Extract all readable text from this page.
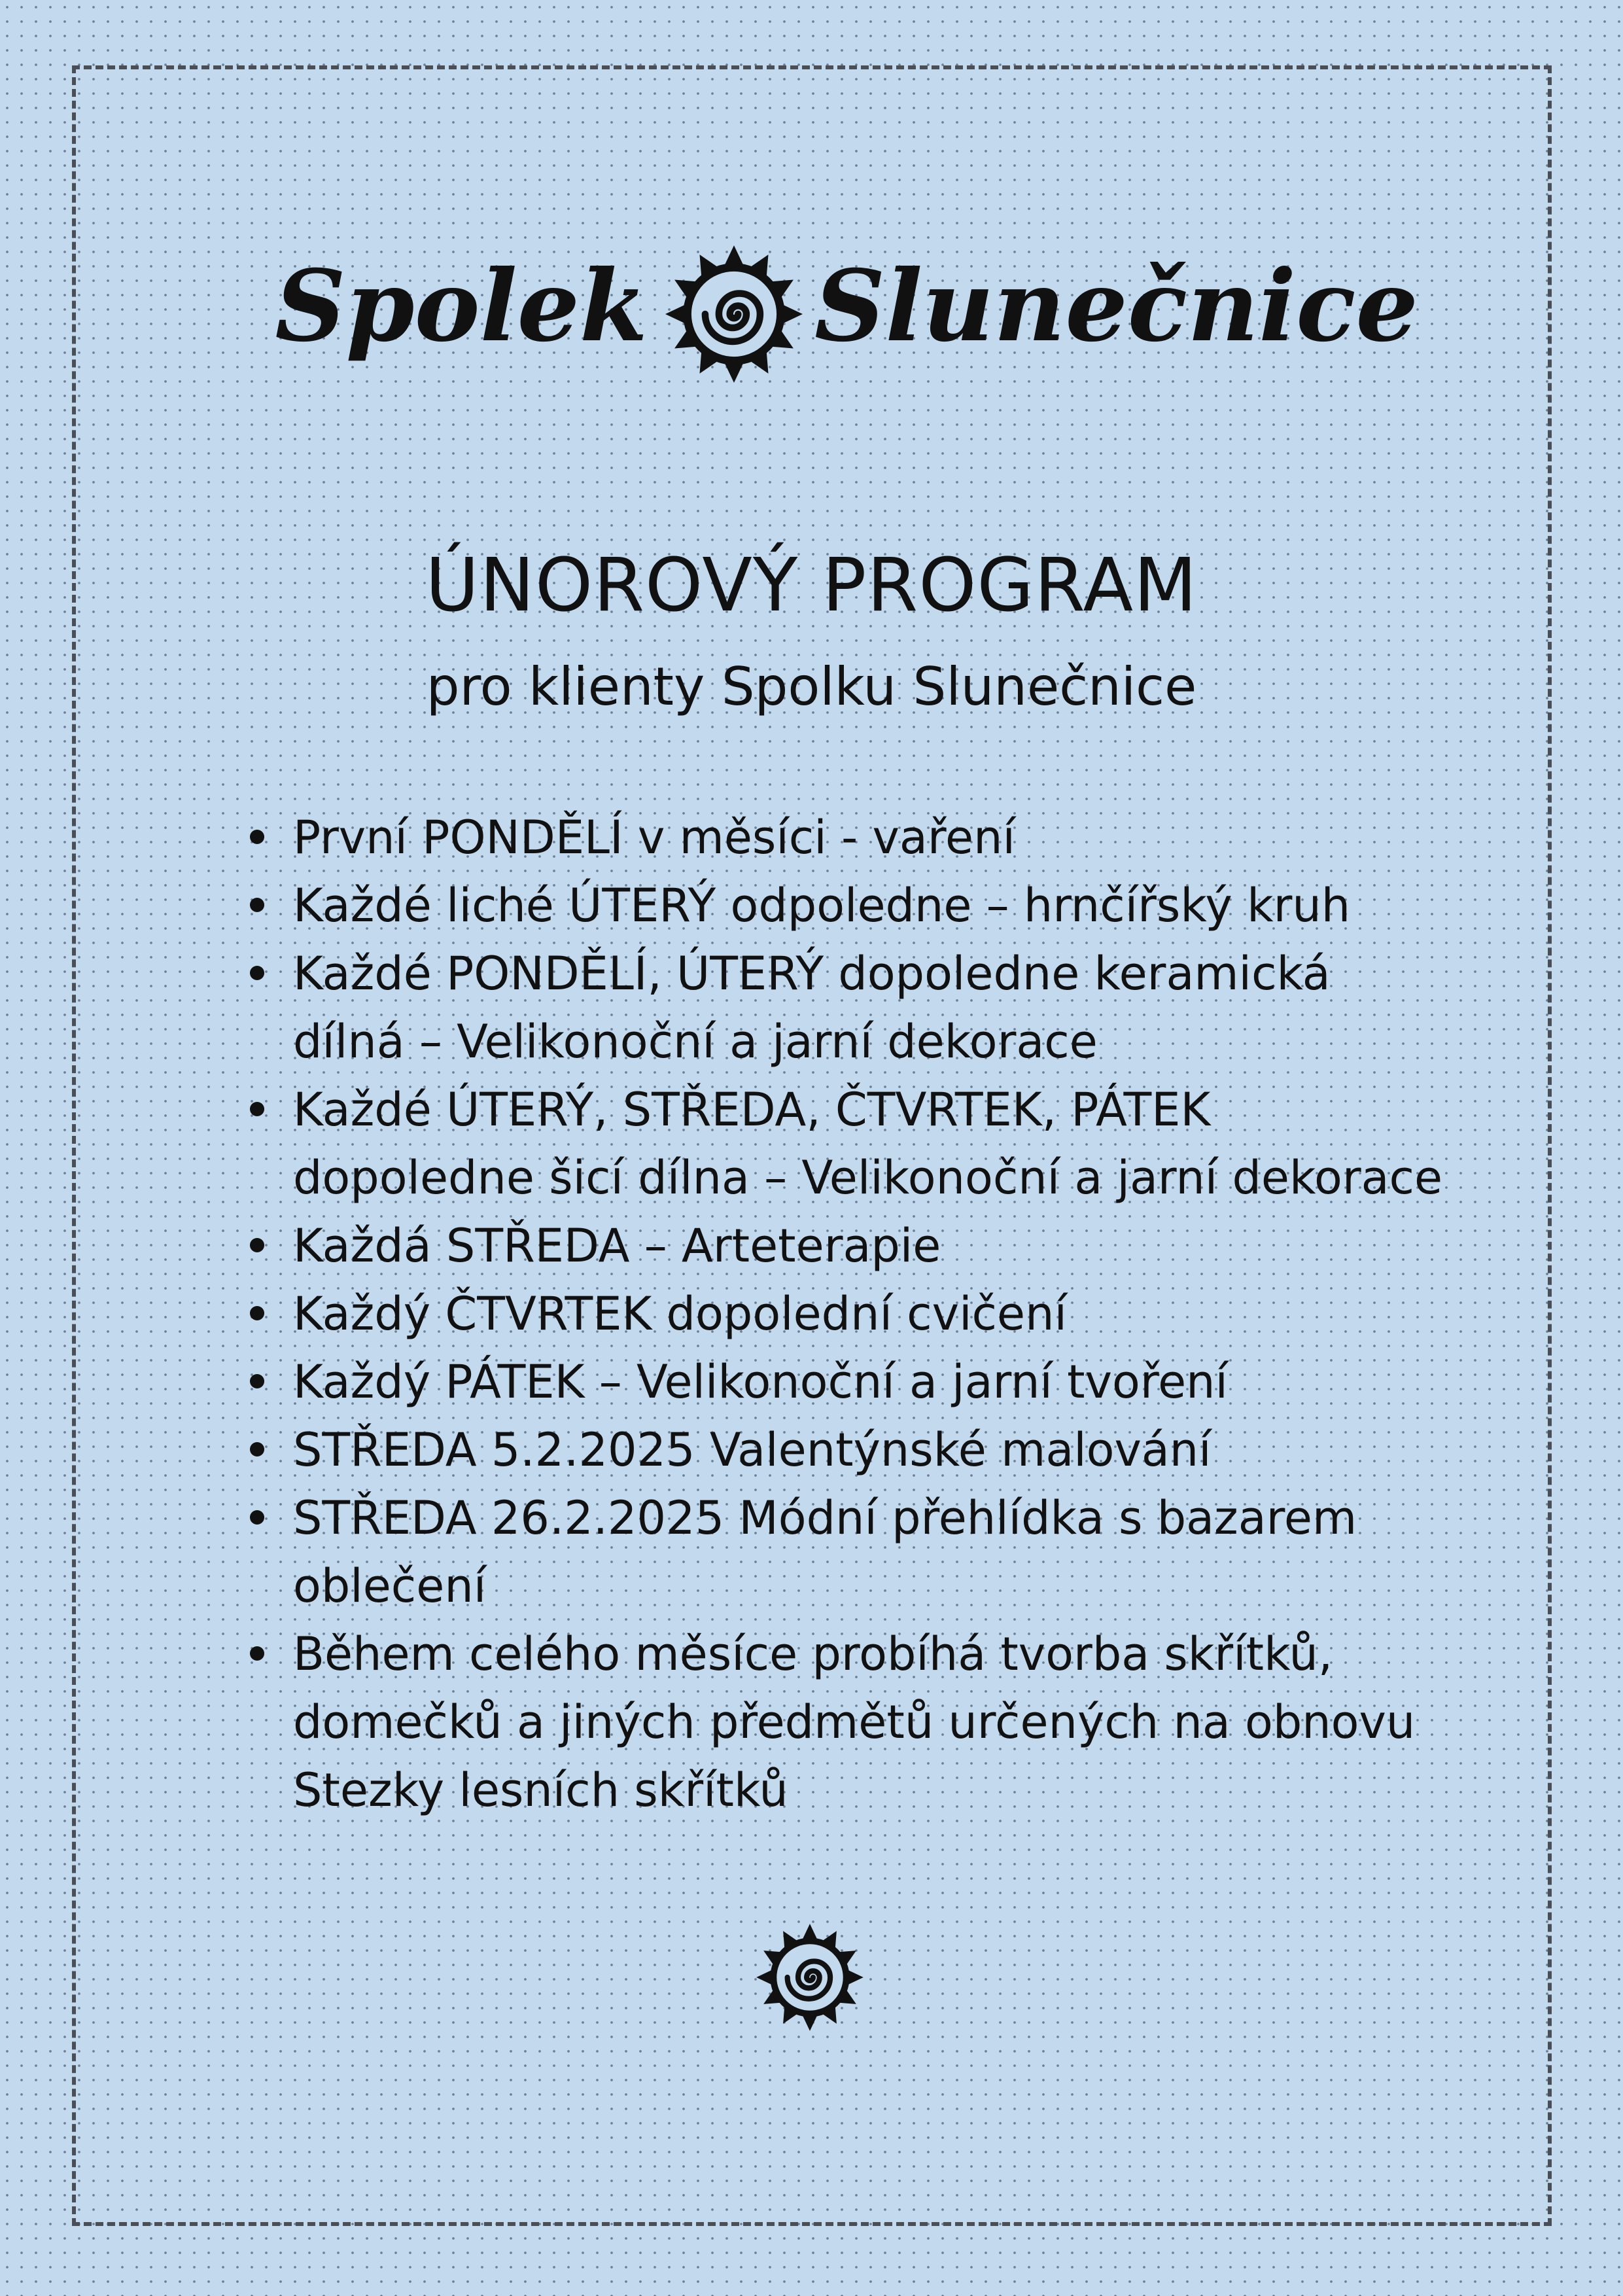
Spolek Slunečnice
ÚNOROVÝ PROGRAM
pro klienty Spolku Slunečnice
První PONDĚLÍ v měsíci - vaření
Každé liché ÚTERÝ odpoledne – hrnčířský kruh
Každé PONDĚLÍ, ÚTERÝ dopoledne keramická
dílná – Velikonoční a jarní dekorace
Každé ÚTERÝ, STŘEDA, ČTVRTEK, PÁTEK
dopoledne šicí dílna – Velikonoční a jarní dekorace
Každá STŘEDA – Arteterapie
Každý ČTVRTEK dopolední cvičení
Každý PÁTEK – Velikonoční a jarní tvoření
STŘEDA 5.2.2025 Valentýnské malování
STŘEDA 26.2.2025 Módní přehlídka s bazarem
oblečení
Během celého měsíce probíhá tvorba skřítků,
domečků a jiných předmětů určených na obnovu
Stezky lesních skřítků
